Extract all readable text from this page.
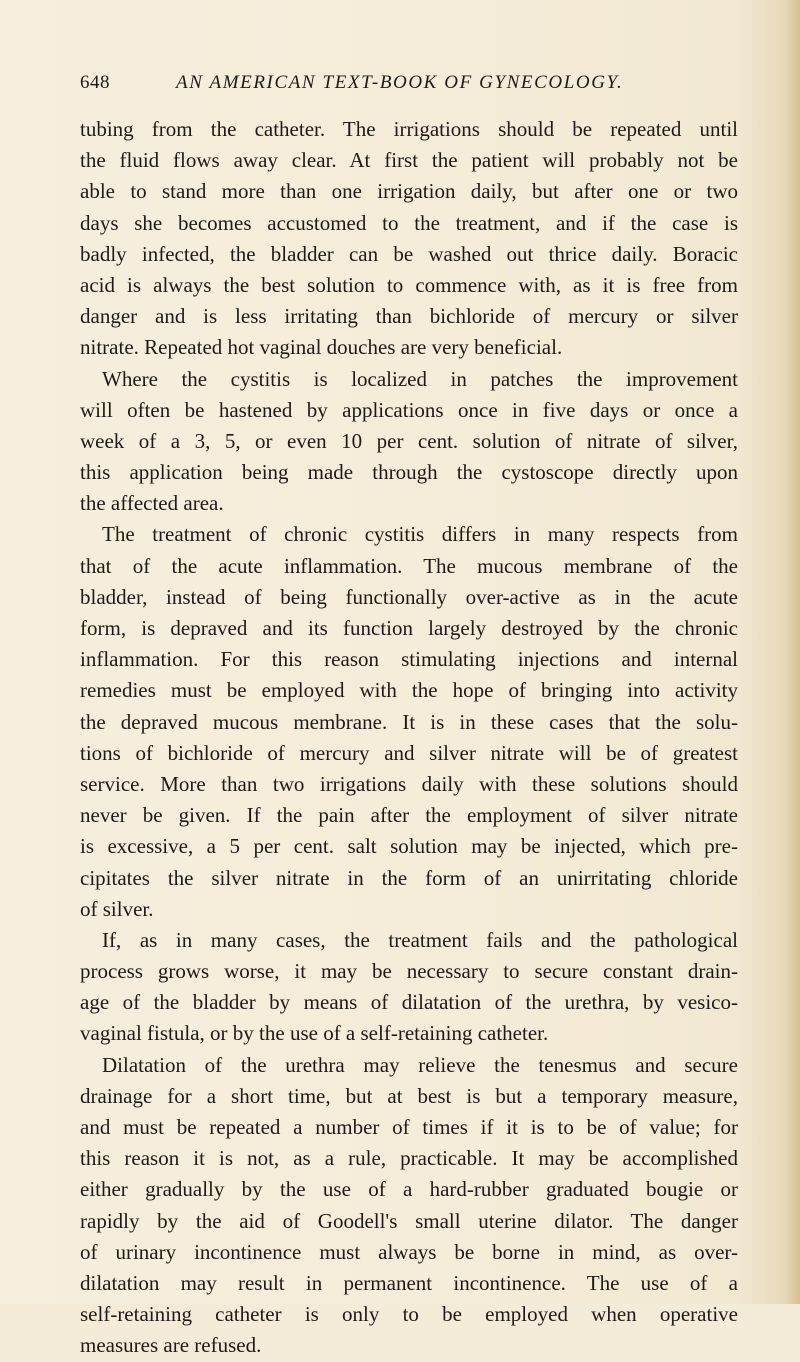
648	AN AMERICAN TEXT-BOOK OF GYNECOLOGY.
tubing from the catheter. The irrigations should be repeated until
the fluid flows away clear. At first the patient will probably not be
able to stand more than one irrigation daily, but after one or two
days she becomes accustomed to the treatment, and if the case is
badly infected, the bladder can be washed out thrice daily. Boracic
acid is always the best solution to commence with, as it is free from
danger and is less irritating than bichloride of mercury or silver
nitrate. Repeated hot vaginal douches are very beneficial.
Where the cystitis is localized in patches the improvement
will often be hastened by applications once in five days or once a
week of a 3, 5, or even 10 per cent. solution of nitrate of silver,
this application being made through the cystoscope directly upon
the affected area.
The treatment of chronic cystitis differs in many respects from
that of the acute inflammation. The mucous membrane of the
bladder, instead of being functionally over-active as in the acute
form, is depraved and its function largely destroyed by the chronic
inflammation. For this reason stimulating injections and internal
remedies must be employed with the hope of bringing into activity
the depraved mucous membrane. It is in these cases that the solu-
tions of bichloride of mercury and silver nitrate will be of greatest
service. More than two irrigations daily with these solutions should
never be given. If the pain after the employment of silver nitrate
is excessive, a 5 per cent. salt solution may be injected, which pre-
cipitates the silver nitrate in the form of an unirritating chloride
of silver.
If, as in many cases, the treatment fails and the pathological
process grows worse, it may be necessary to secure constant drain-
age of the bladder by means of dilatation of the urethra, by vesico-
vaginal fistula, or by the use of a self-retaining catheter.
Dilatation of the urethra may relieve the tenesmus and secure
drainage for a short time, but at best is but a temporary measure,
and must be repeated a number of times if it is to be of value; for
this reason it is not, as a rule, practicable. It may be accomplished
either gradually by the use of a hard-rubber graduated bougie or
rapidly by the aid of Goodell's small uterine dilator. The danger
of urinary incontinence must always be borne in mind, as over-
dilatation may result in permanent incontinence. The use of a
self-retaining catheter is only to be employed when operative
measures are refused.
